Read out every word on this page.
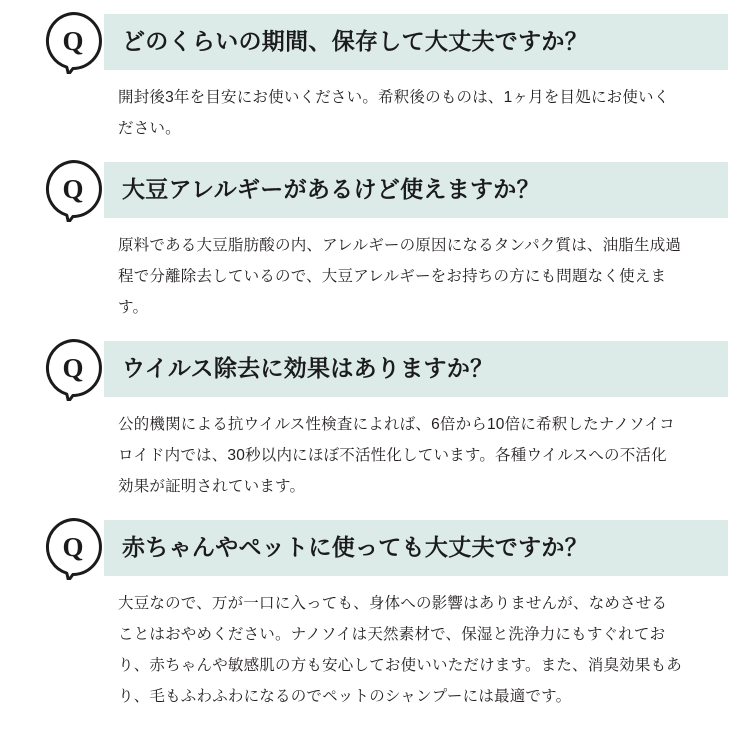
Q	どのくらいの期間、保存して大丈夫ですか？

開封後3年を目安にお使いください。希釈後のものは、1ヶ月を目処にお使いください。

Q	大豆アレルギーがあるけど使えますか？

原料である大豆脂肪酸の内、アレルギーの原因になるタンパク質は、油脂生成過程で分離除去しているので、大豆アレルギーをお持ちの方にも問題なく使えます。

Q	ウイルス除去に効果はありますか？

公的機関による抗ウイルス性検査によれば、6倍から10倍に希釈したナノソイコロイド内では、30秒以内にほぼ不活性化しています。各種ウイルスへの不活化効果が証明されています。

Q	赤ちゃんやペットに使っても大丈夫ですか？

大豆なので、万が一口に入っても、身体への影響はありませんが、なめさせることはおやめください。ナノソイは天然素材で、保湿と洗浄力にもすぐれており、赤ちゃんや敏感肌の方も安心してお使いいただけます。また、消臭効果もあり、毛もふわふわになるのでペットのシャンプーには最適です。
